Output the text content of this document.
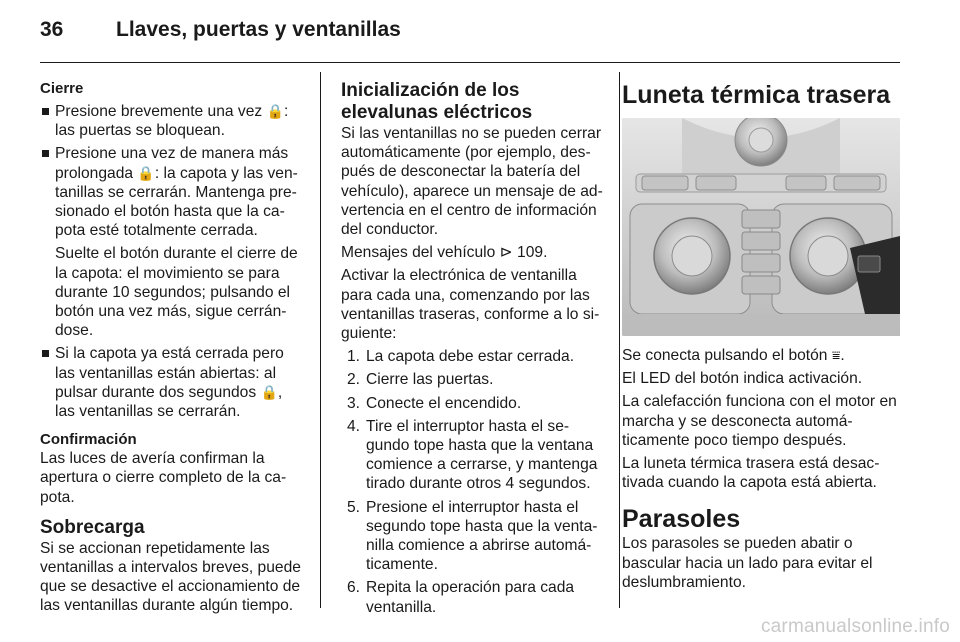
36	Llaves, puertas y ventanillas
Cierre
Presione brevemente una vez 🔒: las puertas se bloquean.
Presione una vez de manera más prolongada 🔒: la capota y las ventanillas se cerrarán. Mantenga presionado el botón hasta que la capota esté totalmente cerrada.
Suelte el botón durante el cierre de la capota: el movimiento se para durante 10 segundos; pulsando el botón una vez más, sigue cerrándose.
Si la capota ya está cerrada pero las ventanillas están abiertas: al pulsar durante dos segundos 🔒, las ventanillas se cerrarán.
Confirmación
Las luces de avería confirman la apertura o cierre completo de la capota.
Sobrecarga
Si se accionan repetidamente las ventanillas a intervalos breves, puede que se desactive el accionamiento de las ventanillas durante algún tiempo.
Inicialización de los elevalunas eléctricos
Si las ventanillas no se pueden cerrar automáticamente (por ejemplo, después de desconectar la batería del vehículo), aparece un mensaje de advertencia en el centro de información del conductor.

Mensajes del vehículo ⊳ 109.

Activar la electrónica de ventanilla para cada una, comenzando por las ventanillas traseras, conforme a lo siguiente:

1. La capota debe estar cerrada.
2. Cierre las puertas.
3. Conecte el encendido.
4. Tire el interruptor hasta el segundo tope hasta que la ventana comience a cerrarse, y mantenga tirado durante otros 4 segundos.
5. Presione el interruptor hasta el segundo tope hasta que la ventanilla comience a abrirse automáticamente.
6. Repita la operación para cada ventanilla.
Luneta térmica trasera

Se conecta pulsando el botón ⩸.

El LED del botón indica activación.

La calefacción funciona con el motor en marcha y se desconecta automáticamente poco tiempo después.

La luneta térmica trasera está desactivada cuando la capota está abierta.

Parasoles
Los parasoles se pueden abatir o bascular hacia un lado para evitar el deslumbramiento.
carmanualsonline.info
